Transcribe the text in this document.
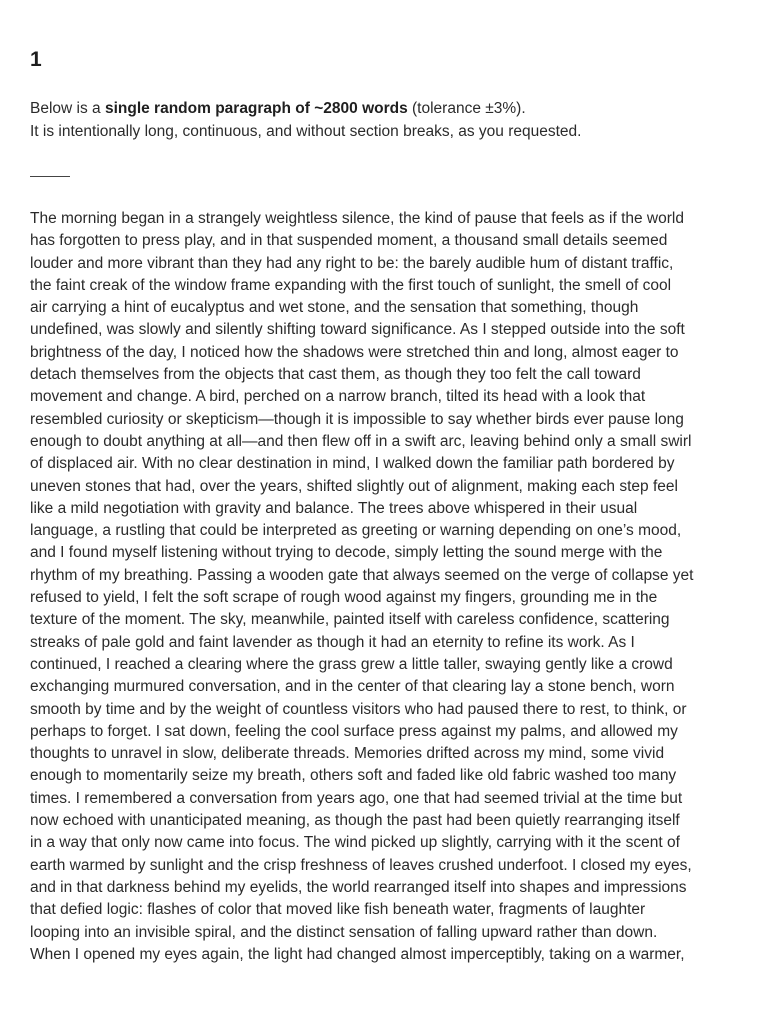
1
Below is a single random paragraph of ~2800 words (tolerance ±3%).
It is intentionally long, continuous, and without section breaks, as you requested.
The morning began in a strangely weightless silence, the kind of pause that feels as if the world
has forgotten to press play, and in that suspended moment, a thousand small details seemed
louder and more vibrant than they had any right to be: the barely audible hum of distant traffic,
the faint creak of the window frame expanding with the first touch of sunlight, the smell of cool
air carrying a hint of eucalyptus and wet stone, and the sensation that something, though
undefined, was slowly and silently shifting toward significance. As I stepped outside into the soft
brightness of the day, I noticed how the shadows were stretched thin and long, almost eager to
detach themselves from the objects that cast them, as though they too felt the call toward
movement and change. A bird, perched on a narrow branch, tilted its head with a look that
resembled curiosity or skepticism—though it is impossible to say whether birds ever pause long
enough to doubt anything at all—and then flew off in a swift arc, leaving behind only a small swirl
of displaced air. With no clear destination in mind, I walked down the familiar path bordered by
uneven stones that had, over the years, shifted slightly out of alignment, making each step feel
like a mild negotiation with gravity and balance. The trees above whispered in their usual
language, a rustling that could be interpreted as greeting or warning depending on one’s mood,
and I found myself listening without trying to decode, simply letting the sound merge with the
rhythm of my breathing. Passing a wooden gate that always seemed on the verge of collapse yet
refused to yield, I felt the soft scrape of rough wood against my fingers, grounding me in the
texture of the moment. The sky, meanwhile, painted itself with careless confidence, scattering
streaks of pale gold and faint lavender as though it had an eternity to refine its work. As I
continued, I reached a clearing where the grass grew a little taller, swaying gently like a crowd
exchanging murmured conversation, and in the center of that clearing lay a stone bench, worn
smooth by time and by the weight of countless visitors who had paused there to rest, to think, or
perhaps to forget. I sat down, feeling the cool surface press against my palms, and allowed my
thoughts to unravel in slow, deliberate threads. Memories drifted across my mind, some vivid
enough to momentarily seize my breath, others soft and faded like old fabric washed too many
times. I remembered a conversation from years ago, one that had seemed trivial at the time but
now echoed with unanticipated meaning, as though the past had been quietly rearranging itself
in a way that only now came into focus. The wind picked up slightly, carrying with it the scent of
earth warmed by sunlight and the crisp freshness of leaves crushed underfoot. I closed my eyes,
and in that darkness behind my eyelids, the world rearranged itself into shapes and impressions
that defied logic: flashes of color that moved like fish beneath water, fragments of laughter
looping into an invisible spiral, and the distinct sensation of falling upward rather than down.
When I opened my eyes again, the light had changed almost imperceptibly, taking on a warmer,
